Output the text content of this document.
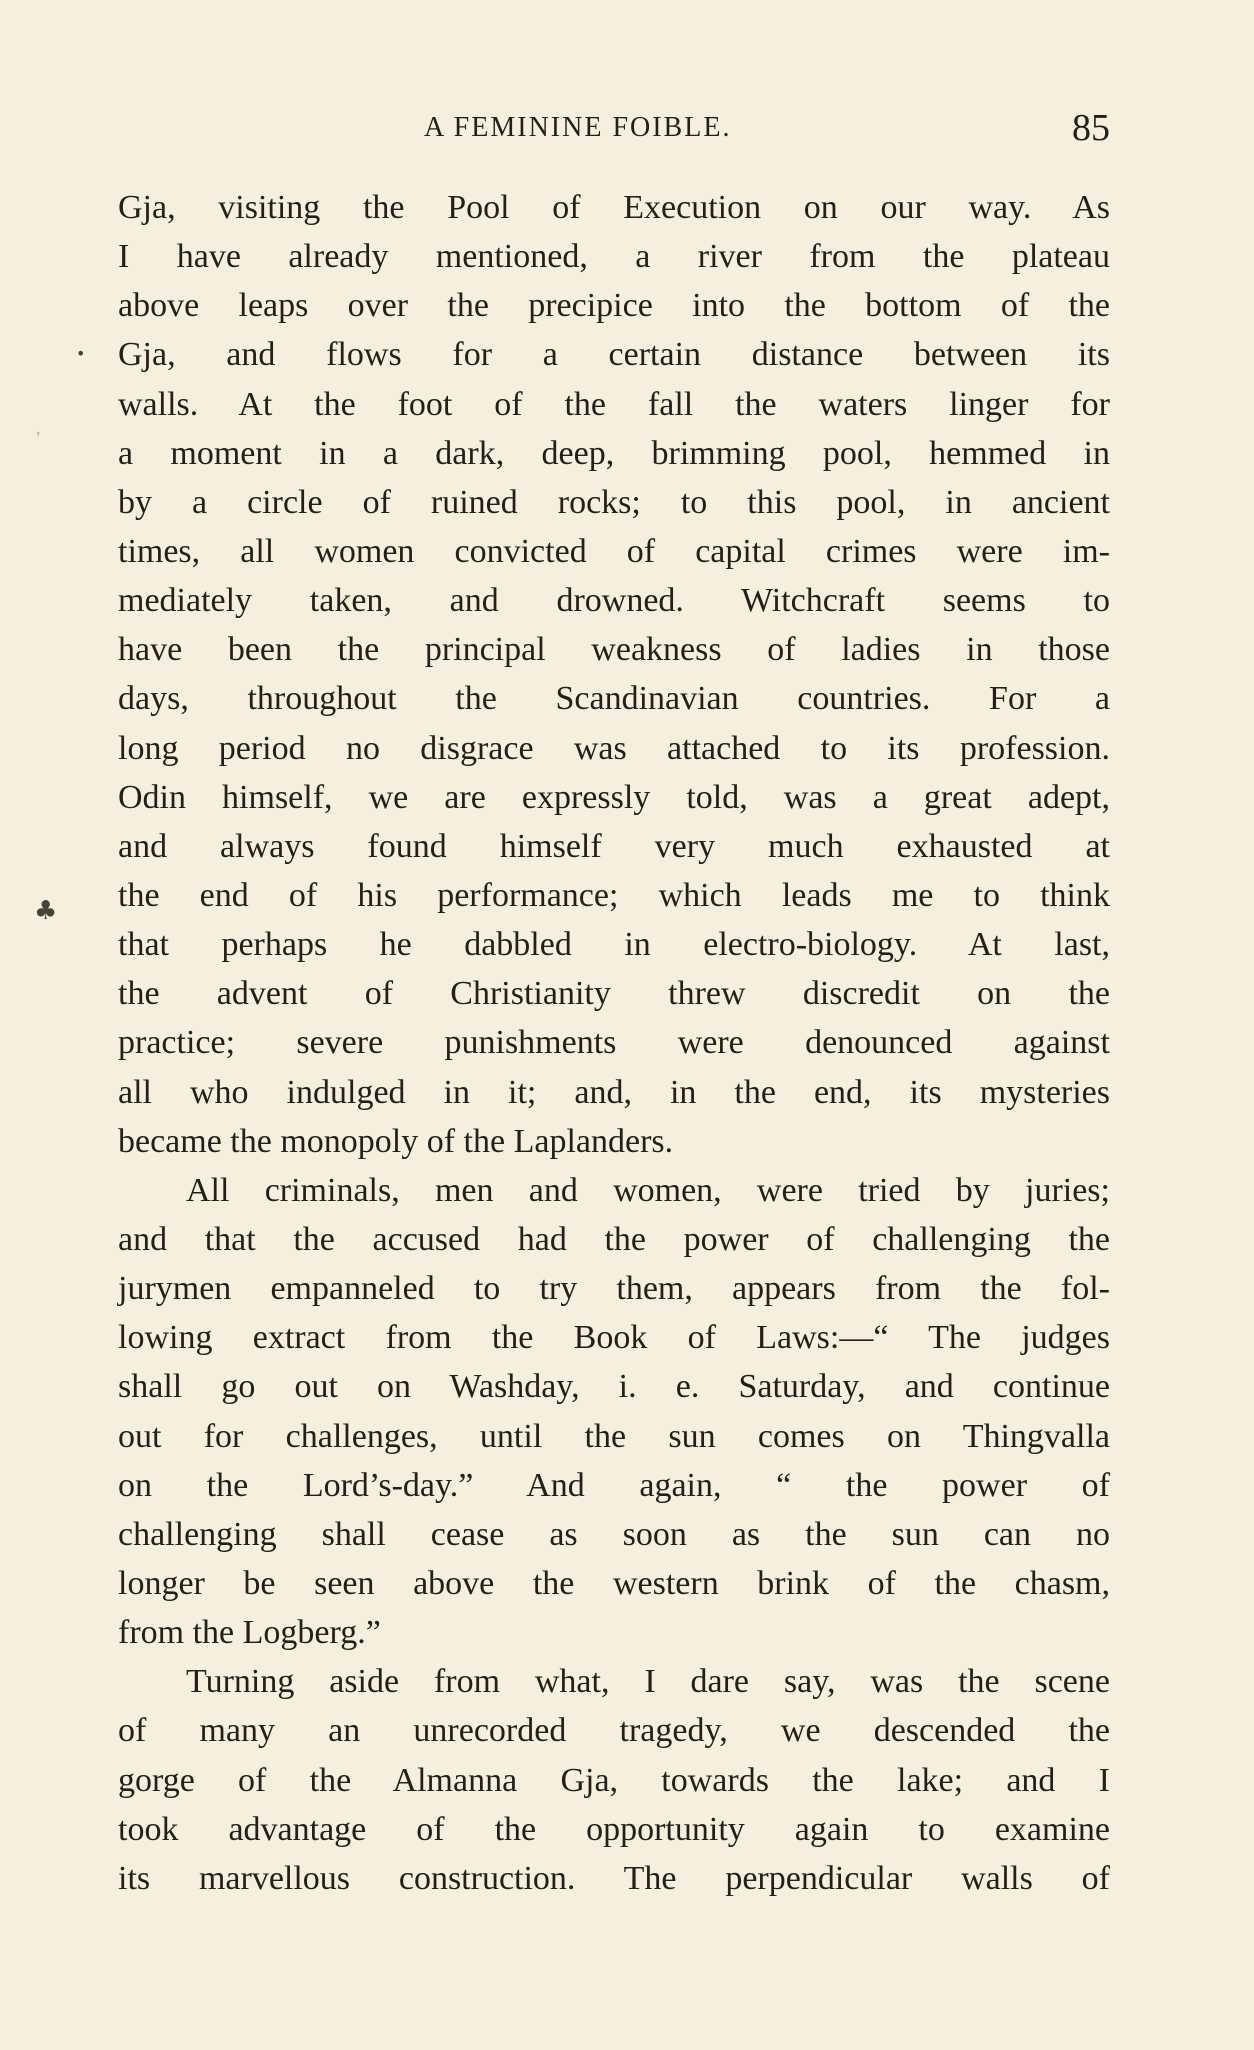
A FEMININE FOIBLE.	85
•
❜
♣
Gja, visiting the Pool of Execution on our way. As
I have already mentioned, a river from the plateau
above leaps over the precipice into the bottom of the
Gja, and flows for a certain distance between its
walls. At the foot of the fall the waters linger for
a moment in a dark, deep, brimming pool, hemmed in
by a circle of ruined rocks; to this pool, in ancient
times, all women convicted of capital crimes were im-
mediately taken, and drowned. Witchcraft seems to
have been the principal weakness of ladies in those
days, throughout the Scandinavian countries. For a
long period no disgrace was attached to its profession.
Odin himself, we are expressly told, was a great adept,
and always found himself very much exhausted at
the end of his performance; which leads me to think
that perhaps he dabbled in electro-biology. At last,
the advent of Christianity threw discredit on the
practice; severe punishments were denounced against
all who indulged in it; and, in the end, its mysteries
became the monopoly of the Laplanders.
All criminals, men and women, were tried by juries;
and that the accused had the power of challenging the
jurymen empanneled to try them, appears from the fol-
lowing extract from the Book of Laws:—“ The judges
shall go out on Washday, i. e. Saturday, and continue
out for challenges, until the sun comes on Thingvalla
on the Lord’s-day.” And again, “ the power of
challenging shall cease as soon as the sun can no
longer be seen above the western brink of the chasm,
from the Logberg.”
Turning aside from what, I dare say, was the scene
of many an unrecorded tragedy, we descended the
gorge of the Almanna Gja, towards the lake; and I
took advantage of the opportunity again to examine
its marvellous construction. The perpendicular walls of
